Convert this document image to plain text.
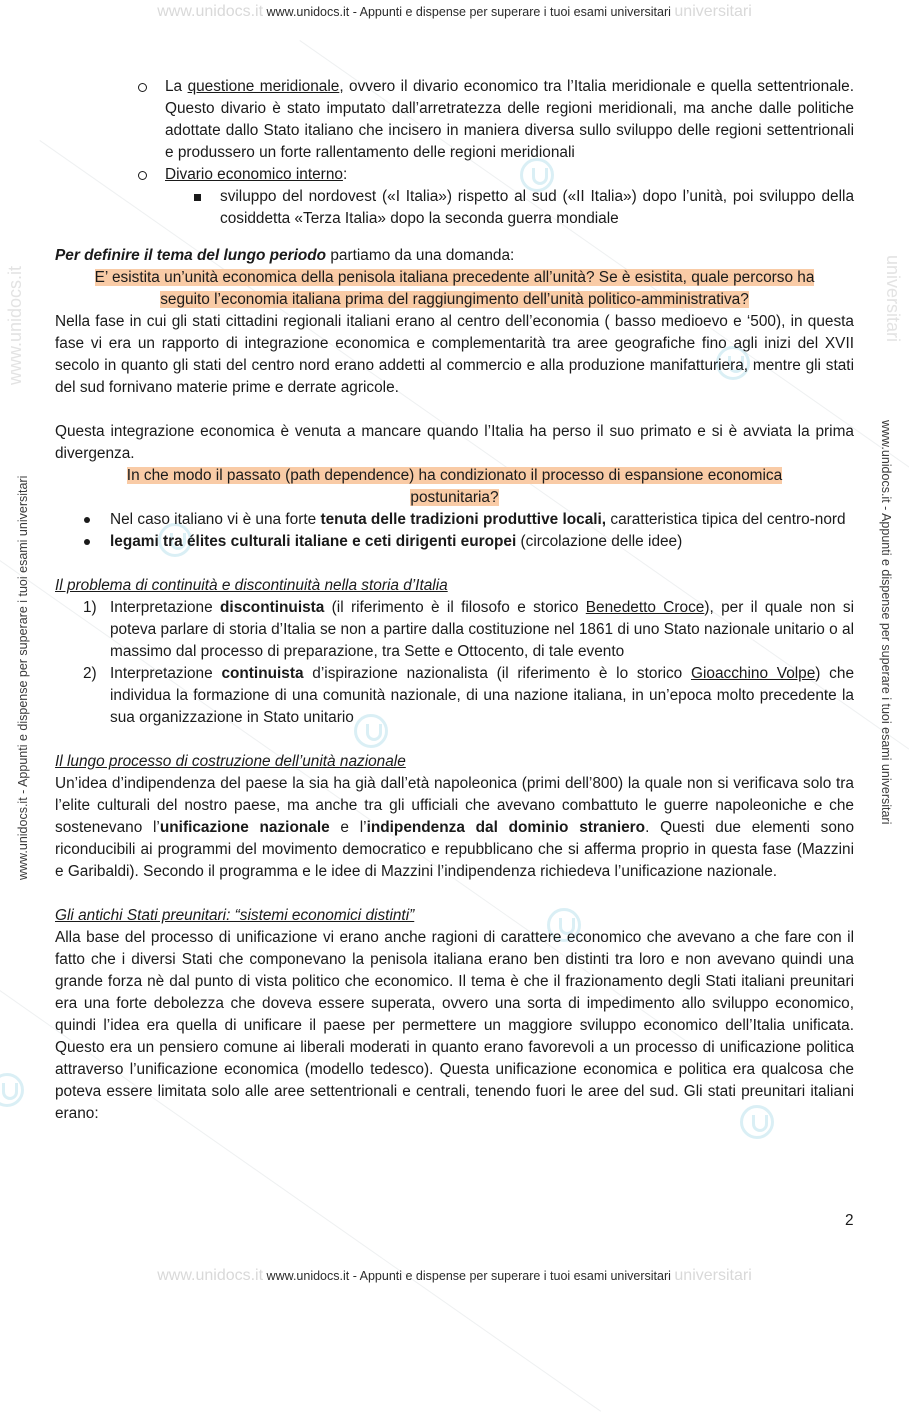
www.unidocs.it www.unidocs.it - Appunti e dispense per superare i tuoi esami universitari universitari
www.unidocs.it www.unidocs.it - Appunti e dispense per superare i tuoi esami universitari universitari
www.unidocs.it - Appunti e dispense per superare i tuoi esami universitari	www.unidocs.it - Appunti e dispense per superare i tuoi esami universitari
www.unidocs.it	universitari

La questione meridionale, ovvero il divario economico tra l’Italia meridionale e quella settentrionale. Questo divario è stato imputato dall’arretratezza delle regioni meridionali, ma anche dalle politiche adottate dallo Stato italiano che incisero in maniera diversa sullo sviluppo delle regioni settentrionali e produssero un forte rallentamento delle regioni meridionali

Divario economico interno:

sviluppo del nordovest («I Italia») rispetto al sud («II Italia») dopo l’unità, poi sviluppo della cosiddetta «Terza Italia» dopo la seconda guerra mondiale

Per definire il tema del lungo periodo partiamo da una domanda:

E’ esistita un’unità economica della penisola italiana precedente all’unità? Se è esistita, quale percorso ha
seguito l’economia italiana prima del raggiungimento dell’unità politico-amministrativa?

Nella fase in cui gli stati cittadini regionali italiani erano al centro dell’economia ( basso medioevo e ‘500), in questa fase vi era un rapporto di integrazione economica e complementarità tra aree geografiche fino agli inizi del XVII secolo in quanto gli stati del centro nord erano addetti al commercio e alla produzione manifatturiera, mentre gli stati del sud fornivano materie prime e derrate agricole.

Questa integrazione economica è venuta a mancare quando l’Italia ha perso il suo primato e si è avviata la prima divergenza.

In che modo il passato (path dependence) ha condizionato il processo di espansione economica
postunitaria?

Nel caso italiano vi è una forte tenuta delle tradizioni produttive locali, caratteristica tipica del centro-nord

legami tra élites culturali italiane e ceti dirigenti europei (circolazione delle idee)

Il problema di continuità e discontinuità nella storia d’Italia

1) Interpretazione discontinuista (il riferimento è il filosofo e storico Benedetto Croce), per il quale non si poteva parlare di storia d’Italia se non a partire dalla costituzione nel 1861 di uno Stato nazionale unitario o al massimo dal processo di preparazione, tra Sette e Ottocento, di tale evento

2) Interpretazione continuista d’ispirazione nazionalista (il riferimento è lo storico Gioacchino Volpe) che individua la formazione di una comunità nazionale, di una nazione italiana, in un’epoca molto precedente la sua organizzazione in Stato unitario

Il lungo processo di costruzione dell’unità nazionale

Un’idea d’indipendenza del paese la sia ha già dall’età napoleonica (primi dell’800) la quale non si verificava solo tra l’elite culturali del nostro paese, ma anche tra gli ufficiali che avevano combattuto le guerre napoleoniche e che sostenevano l’unificazione nazionale e l’indipendenza dal dominio straniero. Questi due elementi sono riconducibili ai programmi del movimento democratico e repubblicano che si afferma proprio in questa fase (Mazzini e Garibaldi). Secondo il programma e le idee di Mazzini l’indipendenza richiedeva l’unificazione nazionale.

Gli antichi Stati preunitari: “sistemi economici distinti”

Alla base del processo di unificazione vi erano anche ragioni di carattere economico che avevano a che fare con il fatto che i diversi Stati che componevano la penisola italiana erano ben distinti tra loro e non avevano quindi una grande forza nè dal punto di vista politico che economico. Il tema è che il frazionamento degli Stati italiani preunitari era una forte debolezza che doveva essere superata, ovvero una sorta di impedimento allo sviluppo economico, quindi l’idea era quella di unificare il paese per permettere un maggiore sviluppo economico dell’Italia unificata. Questo era un pensiero comune ai liberali moderati in quanto erano favorevoli a un processo di unificazione politica attraverso l’unificazione economica (modello tedesco). Questa unificazione economica e politica era qualcosa che poteva essere limitata solo alle aree settentrionali e centrali, tenendo fuori le aree del sud. Gli stati preunitari italiani erano:

2
